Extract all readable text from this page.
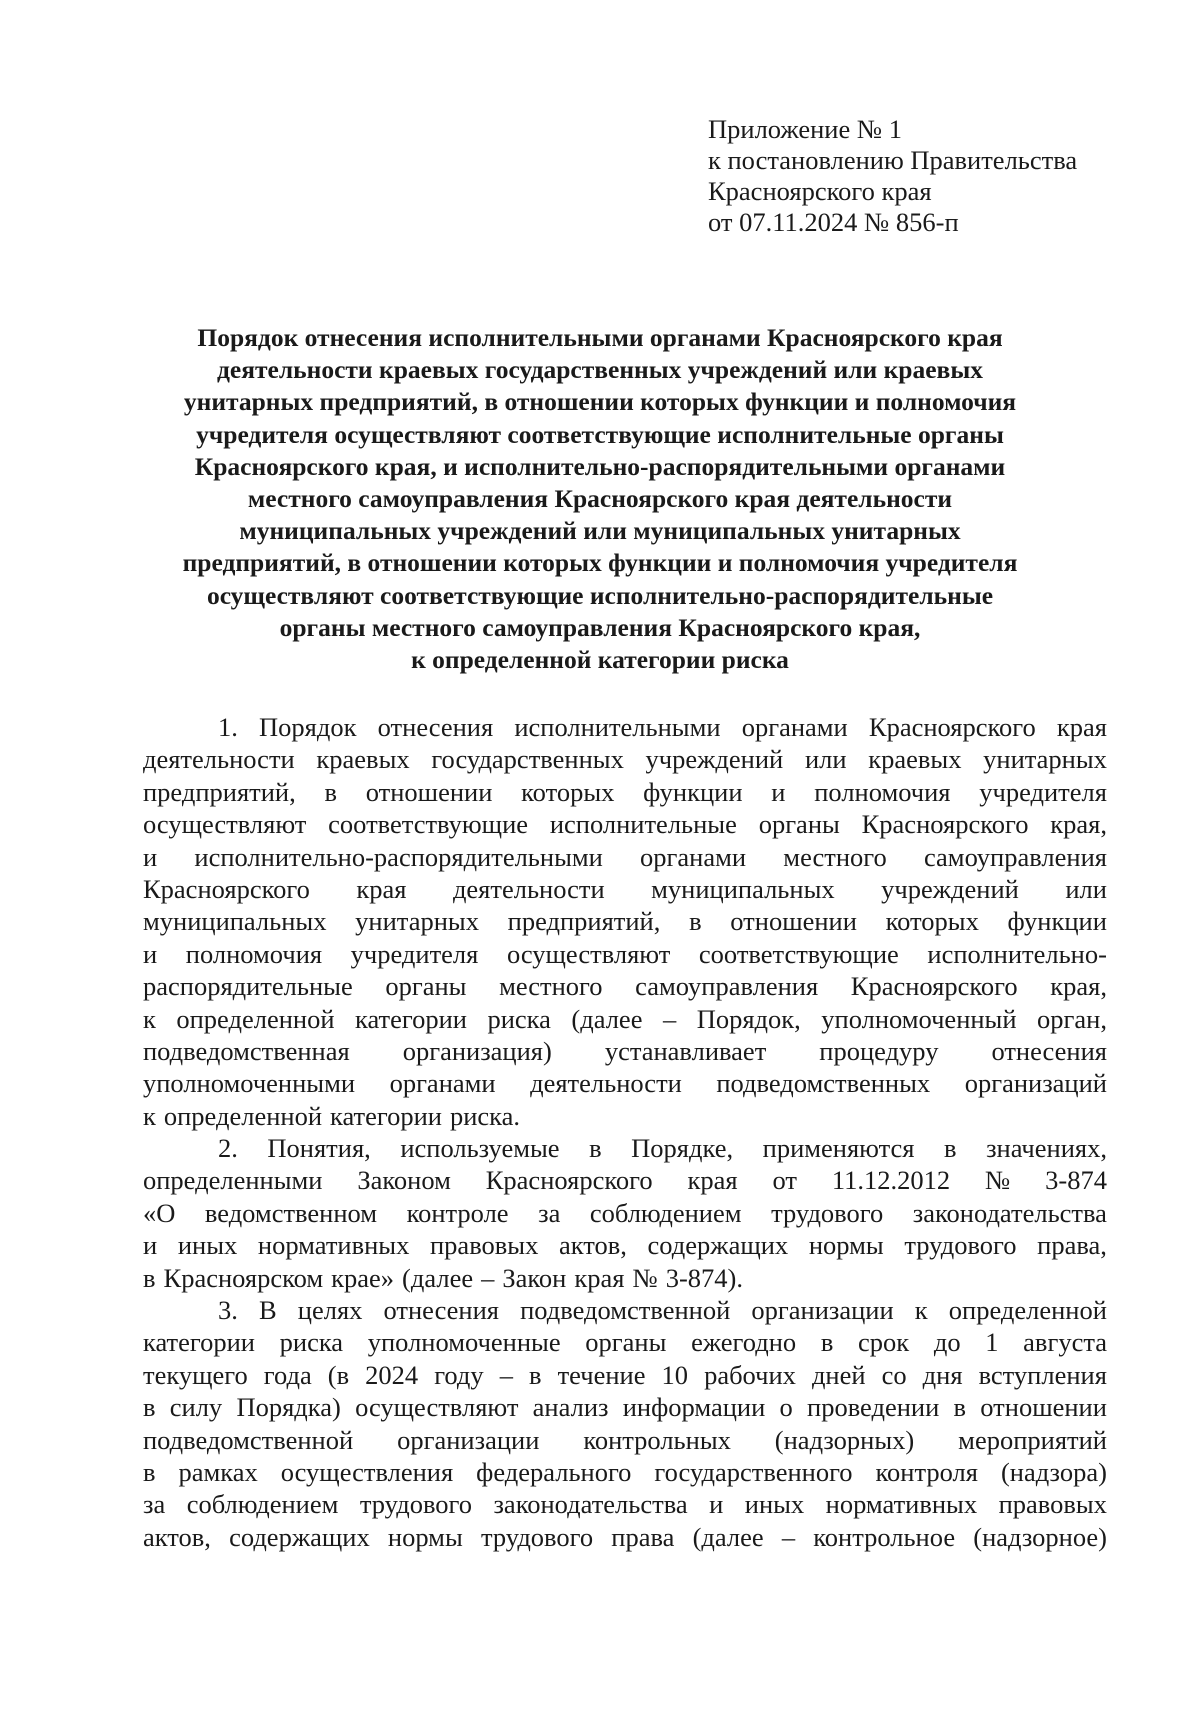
Приложение № 1
к постановлению Правительства
Красноярского края
от 07.11.2024 № 856-п
Порядок отнесения исполнительными органами Красноярского края
деятельности краевых государственных учреждений или краевых
унитарных предприятий, в отношении которых функции и полномочия
учредителя осуществляют соответствующие исполнительные органы
Красноярского края, и исполнительно-распорядительными органами
местного самоуправления Красноярского края деятельности
муниципальных учреждений или муниципальных унитарных
предприятий, в отношении которых функции и полномочия учредителя
осуществляют соответствующие исполнительно-распорядительные
органы местного самоуправления Красноярского края,
к определенной категории риска
1. Порядок отнесения исполнительными органами Красноярского края
деятельности краевых государственных учреждений или краевых унитарных
предприятий, в отношении которых функции и полномочия учредителя
осуществляют соответствующие исполнительные органы Красноярского края,
и исполнительно-распорядительными органами местного самоуправления
Красноярского края деятельности муниципальных учреждений или
муниципальных унитарных предприятий, в отношении которых функции
и полномочия учредителя осуществляют соответствующие исполнительно-
распорядительные органы местного самоуправления Красноярского края,
к определенной категории риска (далее – Порядок, уполномоченный орган,
подведомственная организация) устанавливает процедуру отнесения
уполномоченными органами деятельности подведомственных организаций
к определенной категории риска.
2. Понятия, используемые в Порядке, применяются в значениях,
определенными Законом Красноярского края от 11.12.2012 № 3-874
«О ведомственном контроле за соблюдением трудового законодательства
и иных нормативных правовых актов, содержащих нормы трудового права,
в Красноярском крае» (далее – Закон края № 3-874).
3. В целях отнесения подведомственной организации к определенной
категории риска уполномоченные органы ежегодно в срок до 1 августа
текущего года (в 2024 году – в течение 10 рабочих дней со дня вступления
в силу Порядка) осуществляют анализ информации о проведении в отношении
подведомственной организации контрольных (надзорных) мероприятий
в рамках осуществления федерального государственного контроля (надзора)
за соблюдением трудового законодательства и иных нормативных правовых
актов, содержащих нормы трудового права (далее – контрольное (надзорное)
